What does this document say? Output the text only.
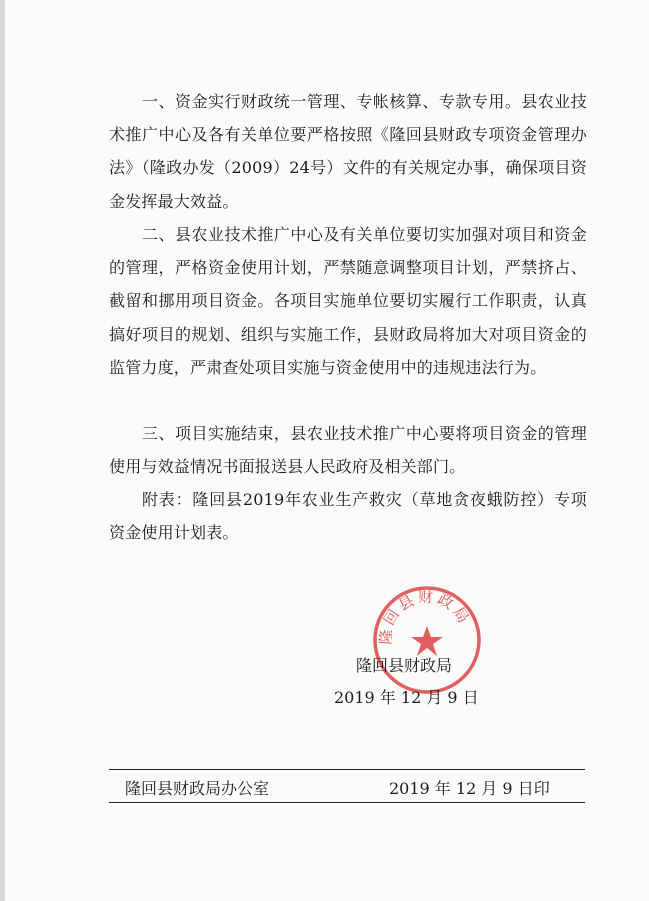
一、资金实行财政统一管理、专帐核算、专款专用。县农业技术推广中心及各有关单位要严格按照《隆回县财政专项资金管理办法》（隆政办发（2009）24号）文件的有关规定办事，确保项目资金发挥最大效益。
二、县农业技术推广中心及有关单位要切实加强对项目和资金的管理，严格资金使用计划，严禁随意调整项目计划，严禁挤占、截留和挪用项目资金。各项目实施单位要切实履行工作职责，认真搞好项目的规划、组织与实施工作，县财政局将加大对项目资金的监管力度，严肃查处项目实施与资金使用中的违规违法行为。
三、项目实施结束，县农业技术推广中心要将项目资金的管理使用与效益情况书面报送县人民政府及相关部门。
附表：隆回县2019年农业生产救灾（草地贪夜蛾防控）专项资金使用计划表。
隆回县财政局
隆回县财政局
2019 年 12 月 9 日
隆回县财政局办公室	2019 年 12 月 9 日印
